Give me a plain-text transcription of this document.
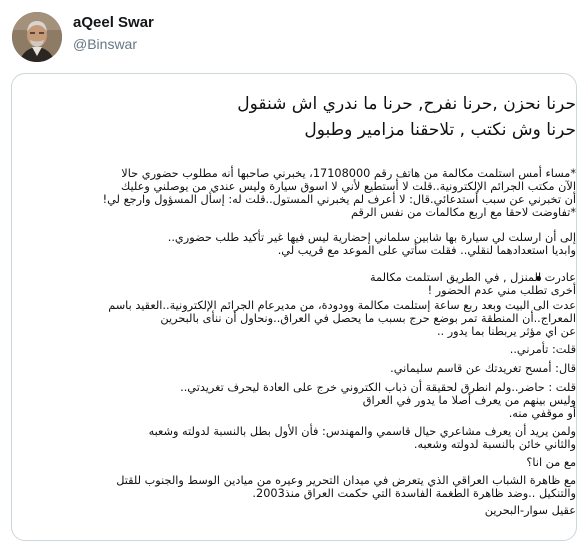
aQeel Swar
@Binswar
حرنا نحزن ,حرنا نفرح, حرنا ما ندري اش شنقول
حرنا وش نكتب , تلاحقنا مزامير وطبول
*مساء أمس استلمت مكالمة من هاتف رقم 17108000، يخبرني صاحبها أنه مطلوب حضوري حالا
الآن مكتب الجرائم الإلكترونية..قلت لا أستطيع لأني لا اسوق سيارة وليس عندي من يوصلني وعليك
أن تخبرني عن سبب أستدعائي.قال: لا أعرف لم يخبرني المستول..قلت له: إسأل المسؤول وارجع لي!
*تفاوضت لاحقا مع اربع مكالمات من نفس الرقم
إلى أن ارسلت لي سيارة بها شابين سلماني إحضارية ليس فيها غير تأكيد طلب حضوري..
وابديا استعدادهما لنقلي.. فقلت سأتي على الموعد مع قريب لي.
عادرت المنزل , في الطريق استلمت مكالمة
أخرى تطلب مني عدم الحضور !
عدت الى البيت وبعد ربع ساعة إستلمت مكالمة وودودة، من مديرعام الجرائم الإلكترونية..العقيد باسم
المعراج..أن المنطقة تمر بوضع حرج بسبب ما يحصل في العراق..ونحاول أن ننأى بالبحرين
عن اي مؤثر يربطنا بما يدور ..
قلت: تأمرني..
قال: أمسح تغريدتك عن قاسم سليماني.
قلت : حاضر..ولم انطرق لحقيقة أن ذباب الكتروني خرج على العادة ليحرف تغريدتي..
وليس بينهم من يعرف أصلا ما يدور في العراق
أو موقفي منه.
ولمن يريد أن يعرف مشاعري حيال قاسمي والمهندس: فأن الأول بطل بالنسبة لدولته وشعبه
والثاني خائن بالنسبة لدولته وشعبه.
مع من انا؟
مع ظاهرة الشباب العراقي الذي يتعرض في ميدان التحرير وعيره من ميادين الوسط والجنوب للقتل
والتنكيل ..وضد ظاهرة الطغمة الفاسدة التي حكمت العراق منذ2003.
عقيل سوار-البحرين
